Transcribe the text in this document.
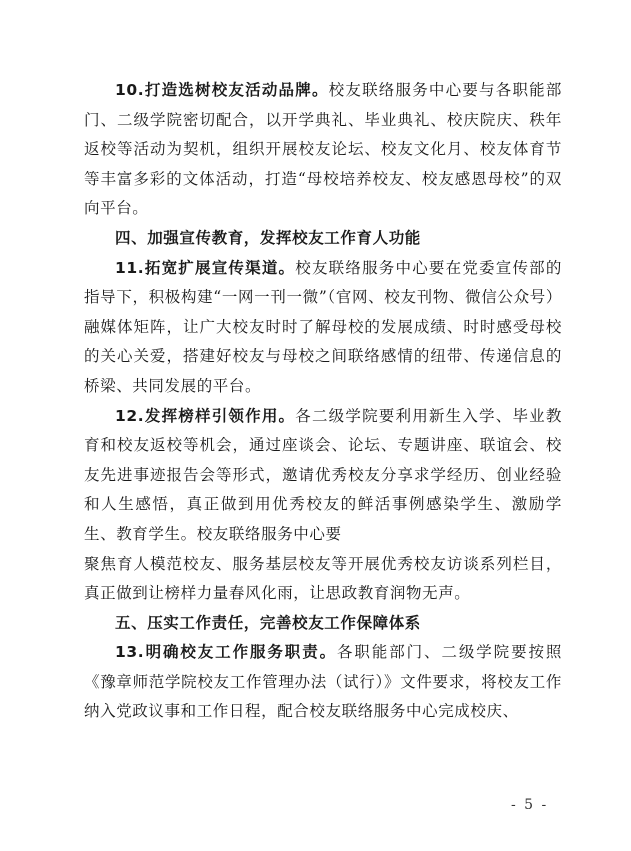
10.打造选树校友活动品牌。校友联络服务中心要与各职能部门、二级学院密切配合，以开学典礼、毕业典礼、校庆院庆、秩年返校等活动为契机，组织开展校友论坛、校友文化月、校友体育节等丰富多彩的文体活动，打造“母校培养校友、校友感恩母校”的双向平台。

四、加强宣传教育，发挥校友工作育人功能

11.拓宽扩展宣传渠道。校友联络服务中心要在党委宣传部的指导下，积极构建“一网一刊一微”（官网、校友刊物、微信公众号）融媒体矩阵，让广大校友时时了解母校的发展成绩、时时感受母校的关心关爱，搭建好校友与母校之间联络感情的纽带、传递信息的桥梁、共同发展的平台。

12.发挥榜样引领作用。各二级学院要利用新生入学、毕业教育和校友返校等机会，通过座谈会、论坛、专题讲座、联谊会、校友先进事迹报告会等形式，邀请优秀校友分享求学经历、创业经验和人生感悟，真正做到用优秀校友的鲜活事例感染学生、激励学生、教育学生。校友联络服务中心要

聚焦育人模范校友、服务基层校友等开展优秀校友访谈系列栏目，真正做到让榜样力量春风化雨，让思政教育润物无声。

五、压实工作责任，完善校友工作保障体系

13.明确校友工作服务职责。各职能部门、二级学院要按照《豫章师范学院校友工作管理办法（试行）》文件要求，将校友工作纳入党政议事和工作日程，配合校友联络服务中心完成校庆、

- 5 -
